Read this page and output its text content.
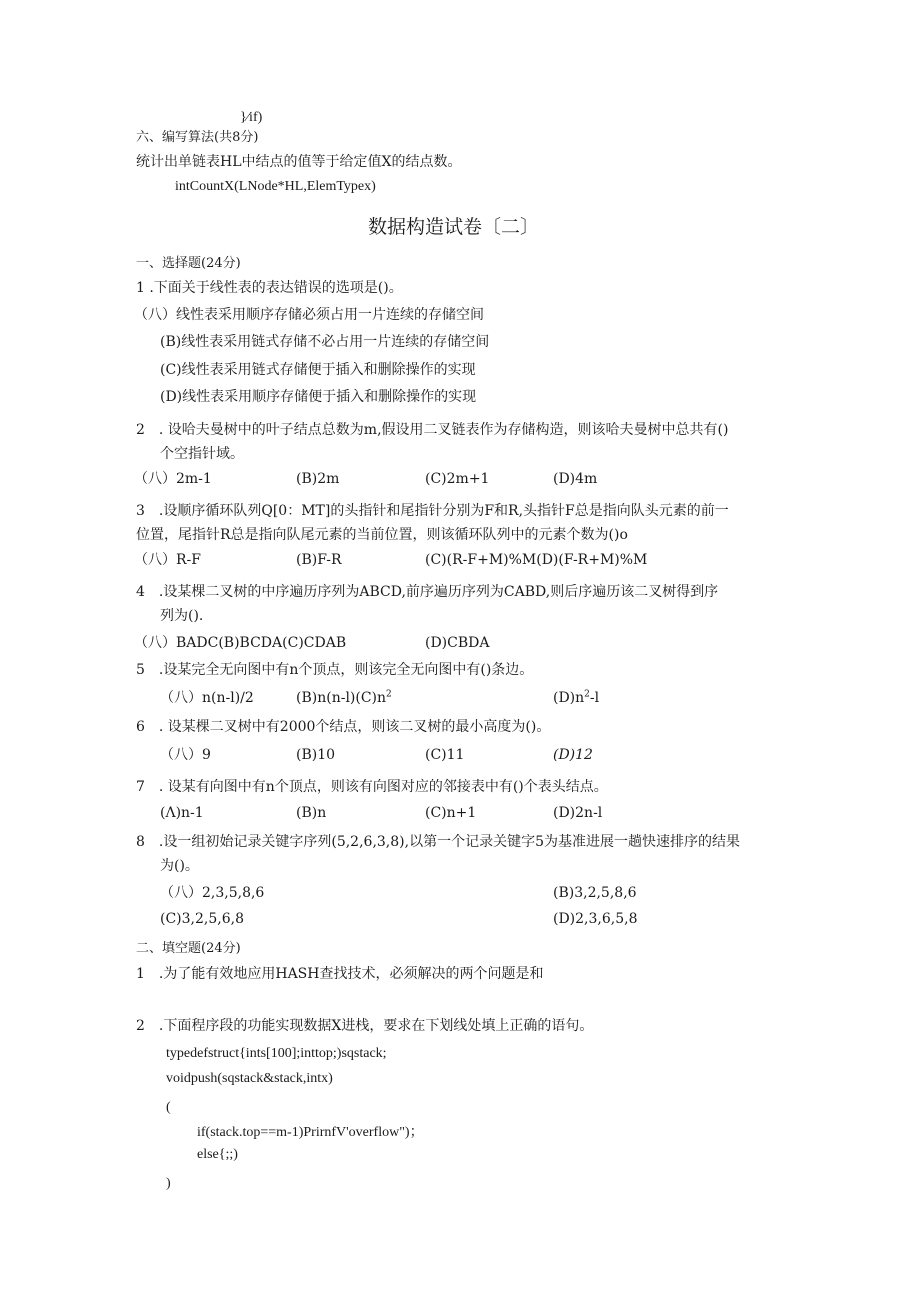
}∕if)
六、编写算法(共8分)
统计出单链表HL中结点的值等于给定值X的结点数。
intCountX(LNode*HL,ElemTypex)
数据构造试卷〔二〕
一、选择题(24分)
1 .下面关于线性表的表达错误的选项是()。
（八）线性表采用顺序存储必须占用一片连续的存储空间
(B)线性表采用链式存储不必占用一片连续的存储空间
(C)线性表采用链式存储便于插入和删除操作的实现
(D)线性表采用顺序存储便于插入和删除操作的实现
2　. 设哈夫曼树中的叶子结点总数为m,假设用二叉链表作为存储构造，则该哈夫曼树中总共有()
个空指针域。
（八）2m-1	(B)2m	(C)2m+1	(D)4m
3　.设顺序循环队列Q[0：MT]的头指针和尾指针分别为F和R,头指针F总是指向队头元素的前一
位置，尾指针R总是指向队尾元素的当前位置，则该循环队列中的元素个数为()o
（八）R-F	(B)F-R	(C)(R-F+M)%M(D)(F-R+M)%M
4　.设某棵二叉树的中序遍历序列为ABCD,前序遍历序列为CABD,则后序遍历该二叉树得到序
列为().
（八）BADC(B)BCDA(C)CDAB	(D)CBDA
5　.设某完全无向图中有n个顶点，则该完全无向图中有()条边。
（八）n(n-l)∕2	$(B)n(n-l)(C)n^2$	$(D)n^2-l$
6　. 设某棵二叉树中有2000个结点，则该二叉树的最小高度为()。
（八）9	(B)10	(C)11	(D)12
7　. 设某有向图中有n个顶点，则该有向图对应的邻接表中有()个表头结点。
(Λ)n-1	(B)n	(C)n+1	(D)2n-l
8　.设一组初始记录关键字序列(5,2,6,3,8),以第一个记录关键字5为基准进展一趟快速排序的结果
为()。
（八）2,3,5,8,6	(B)3,2,5,8,6
(C)3,2,5,6,8	(D)2,3,6,5,8
二、填空题(24分)
1　.为了能有效地应用HASH查找技术，必须解决的两个问题是和
2　.下面程序段的功能实现数据X进栈，要求在下划线处填上正确的语句。
typedefstruct{ints[100];inttop;)sqstack;
voidpush(sqstack&stack,intx)
(
if(stack.top==m-1)PrirnfV'overflow")；
else{;;)
)
